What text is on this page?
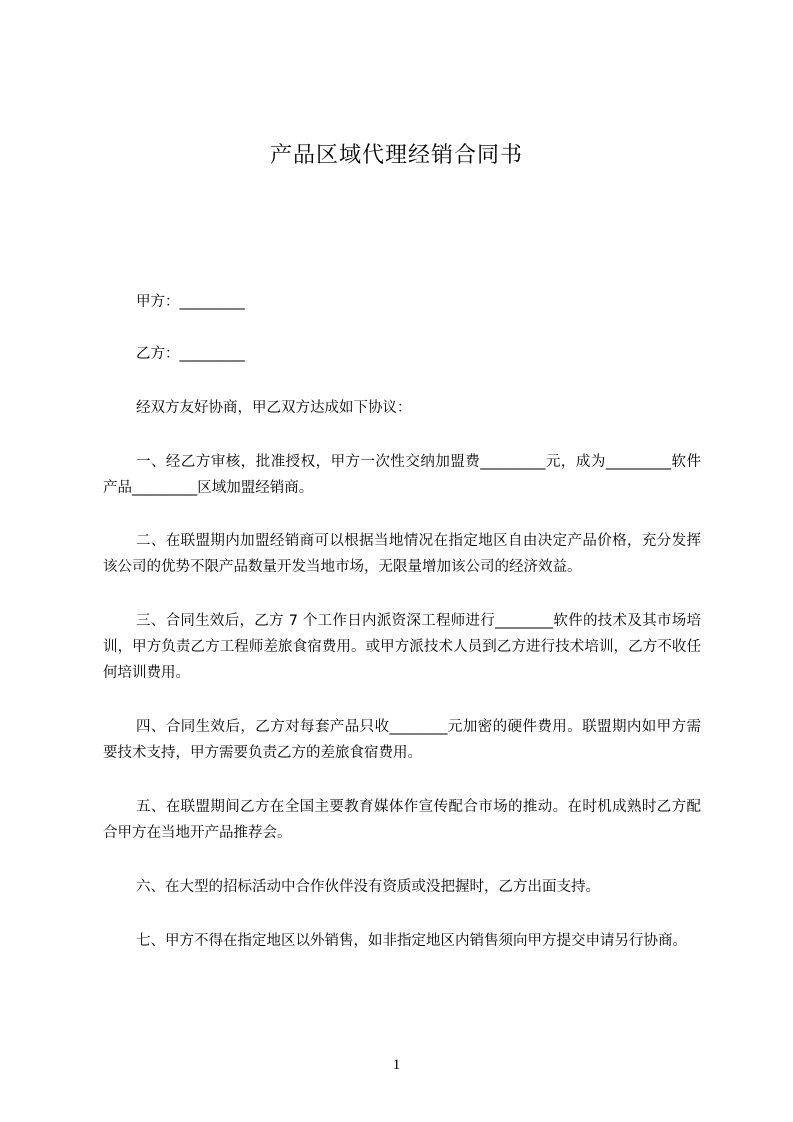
产品区域代理经销合同书
甲方：_________
乙方：_________
经双方友好协商，甲乙双方达成如下协议：
一、经乙方审核，批准授权，甲方一次性交纳加盟费_________元，成为_________软件产品_________区域加盟经销商。
二、在联盟期内加盟经销商可以根据当地情况在指定地区自由决定产品价格，充分发挥该公司的优势不限产品数量开发当地市场，无限量增加该公司的经济效益。
三、合同生效后，乙方 7 个工作日内派资深工程师进行________软件的技术及其市场培训，甲方负责乙方工程师差旅食宿费用。或甲方派技术人员到乙方进行技术培训，乙方不收任何培训费用。
四、合同生效后，乙方对每套产品只收________元加密的硬件费用。联盟期内如甲方需要技术支持，甲方需要负责乙方的差旅食宿费用。
五、在联盟期间乙方在全国主要教育媒体作宣传配合市场的推动。在时机成熟时乙方配合甲方在当地开产品推荐会。
六、在大型的招标活动中合作伙伴没有资质或没把握时，乙方出面支持。
七、甲方不得在指定地区以外销售，如非指定地区内销售须向甲方提交申请另行协商。
1
